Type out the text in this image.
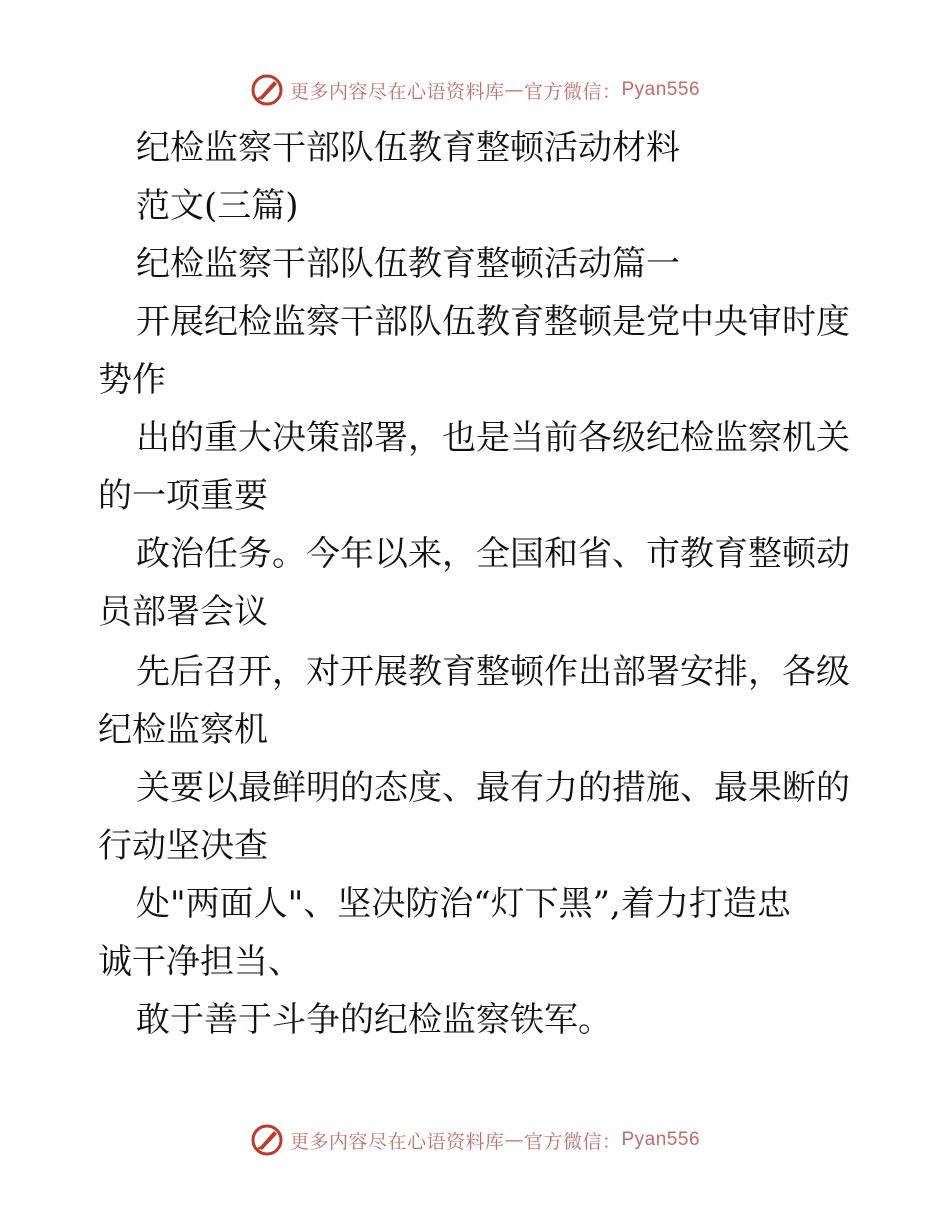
更多内容尽在心语资料库 — 官方微信： Pyan556
纪检监察干部队伍教育整顿活动材料
范文(三篇)
纪检监察干部队伍教育整顿活动篇一
开展纪检监察干部队伍教育整顿是党中央审时度
势作
出的重大决策部署，也是当前各级纪检监察机关
的一项重要
政治任务。今年以来，全国和省、市教育整顿动
员部署会议
先后召开，对开展教育整顿作出部署安排，各级
纪检监察机
关要以最鲜明的态度、最有力的措施、最果断的
行动坚决查
处"两面人"、坚决防治“灯下黑”,着力打造忠
诚干净担当、
敢于善于斗争的纪检监察铁军。
更多内容尽在心语资料库 — 官方微信： Pyan556
